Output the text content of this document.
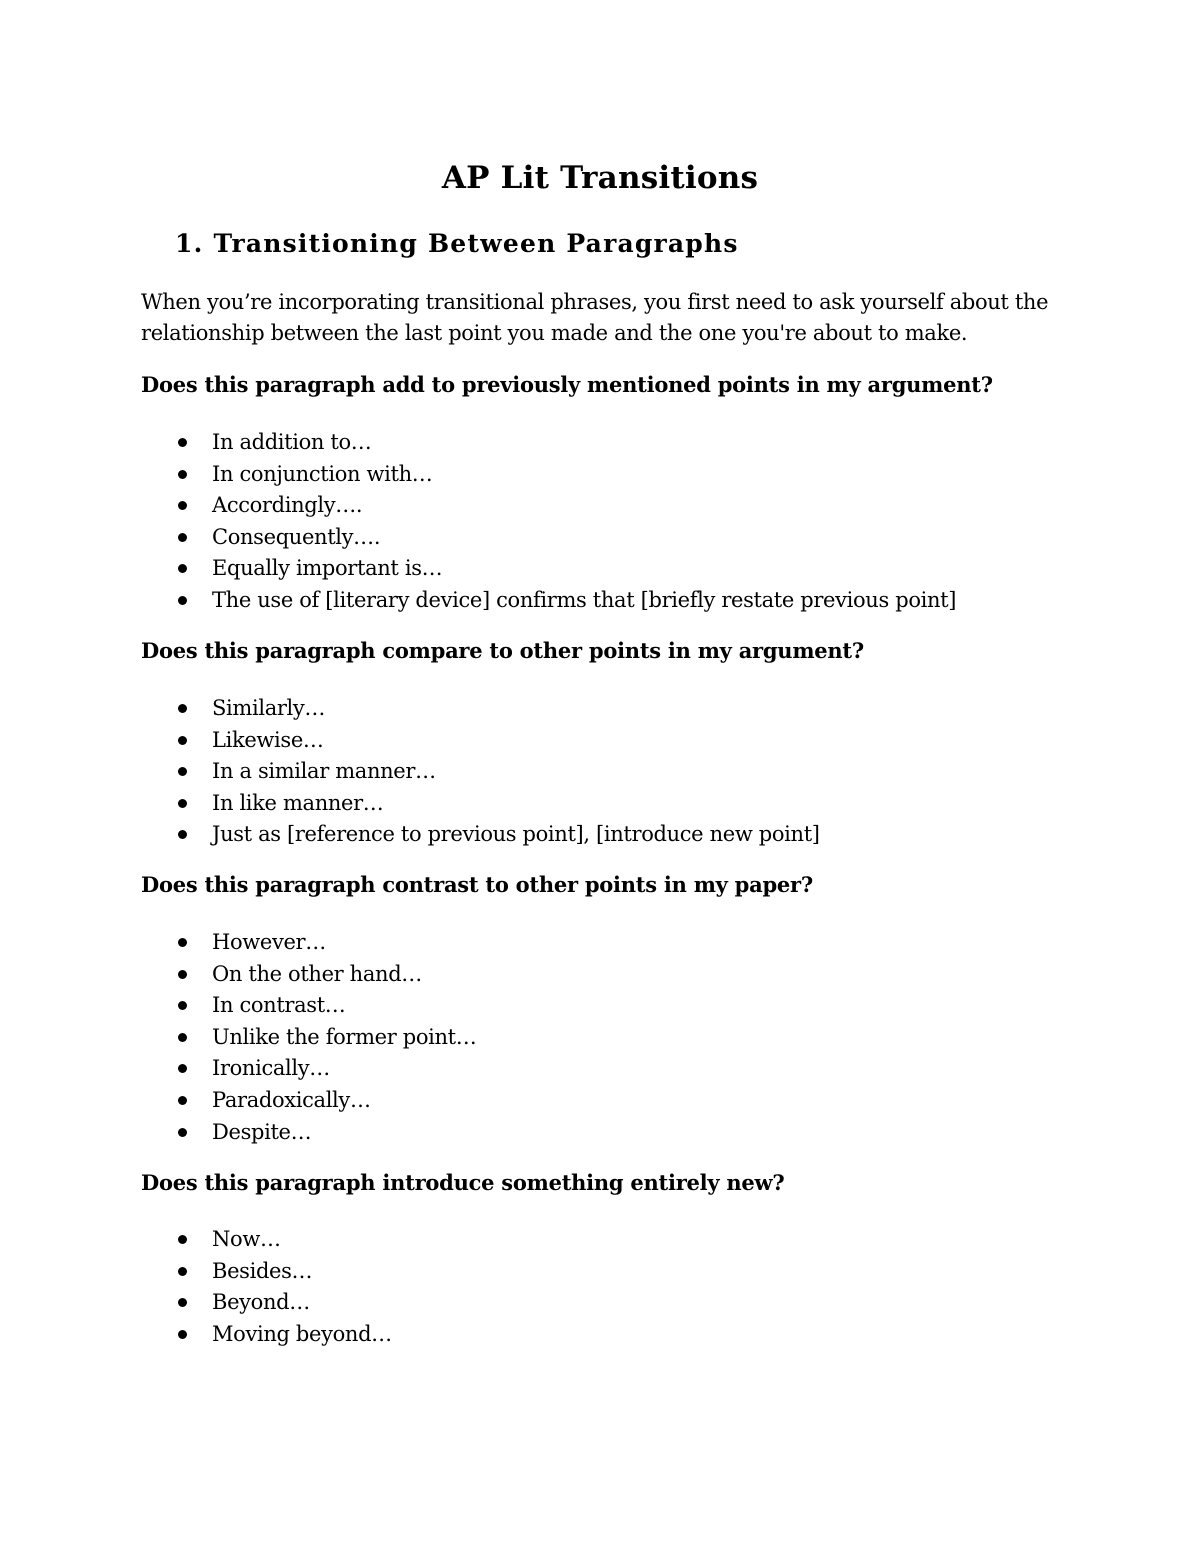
AP Lit Transitions
1. Transitioning Between Paragraphs
When you’re incorporating transitional phrases, you first need to ask yourself about the relationship between the last point you made and the one you're about to make.
Does this paragraph add to previously mentioned points in my argument?
In addition to…
In conjunction with…
Accordingly….
Consequently….
Equally important is…
The use of [literary device] confirms that [briefly restate previous point]
Does this paragraph compare to other points in my argument?
Similarly…
Likewise…
In a similar manner…
In like manner…
Just as [reference to previous point], [introduce new point]
Does this paragraph contrast to other points in my paper?
However…
On the other hand…
In contrast…
Unlike the former point…
Ironically…
Paradoxically…
Despite…
Does this paragraph introduce something entirely new?
Now…
Besides…
Beyond…
Moving beyond…
